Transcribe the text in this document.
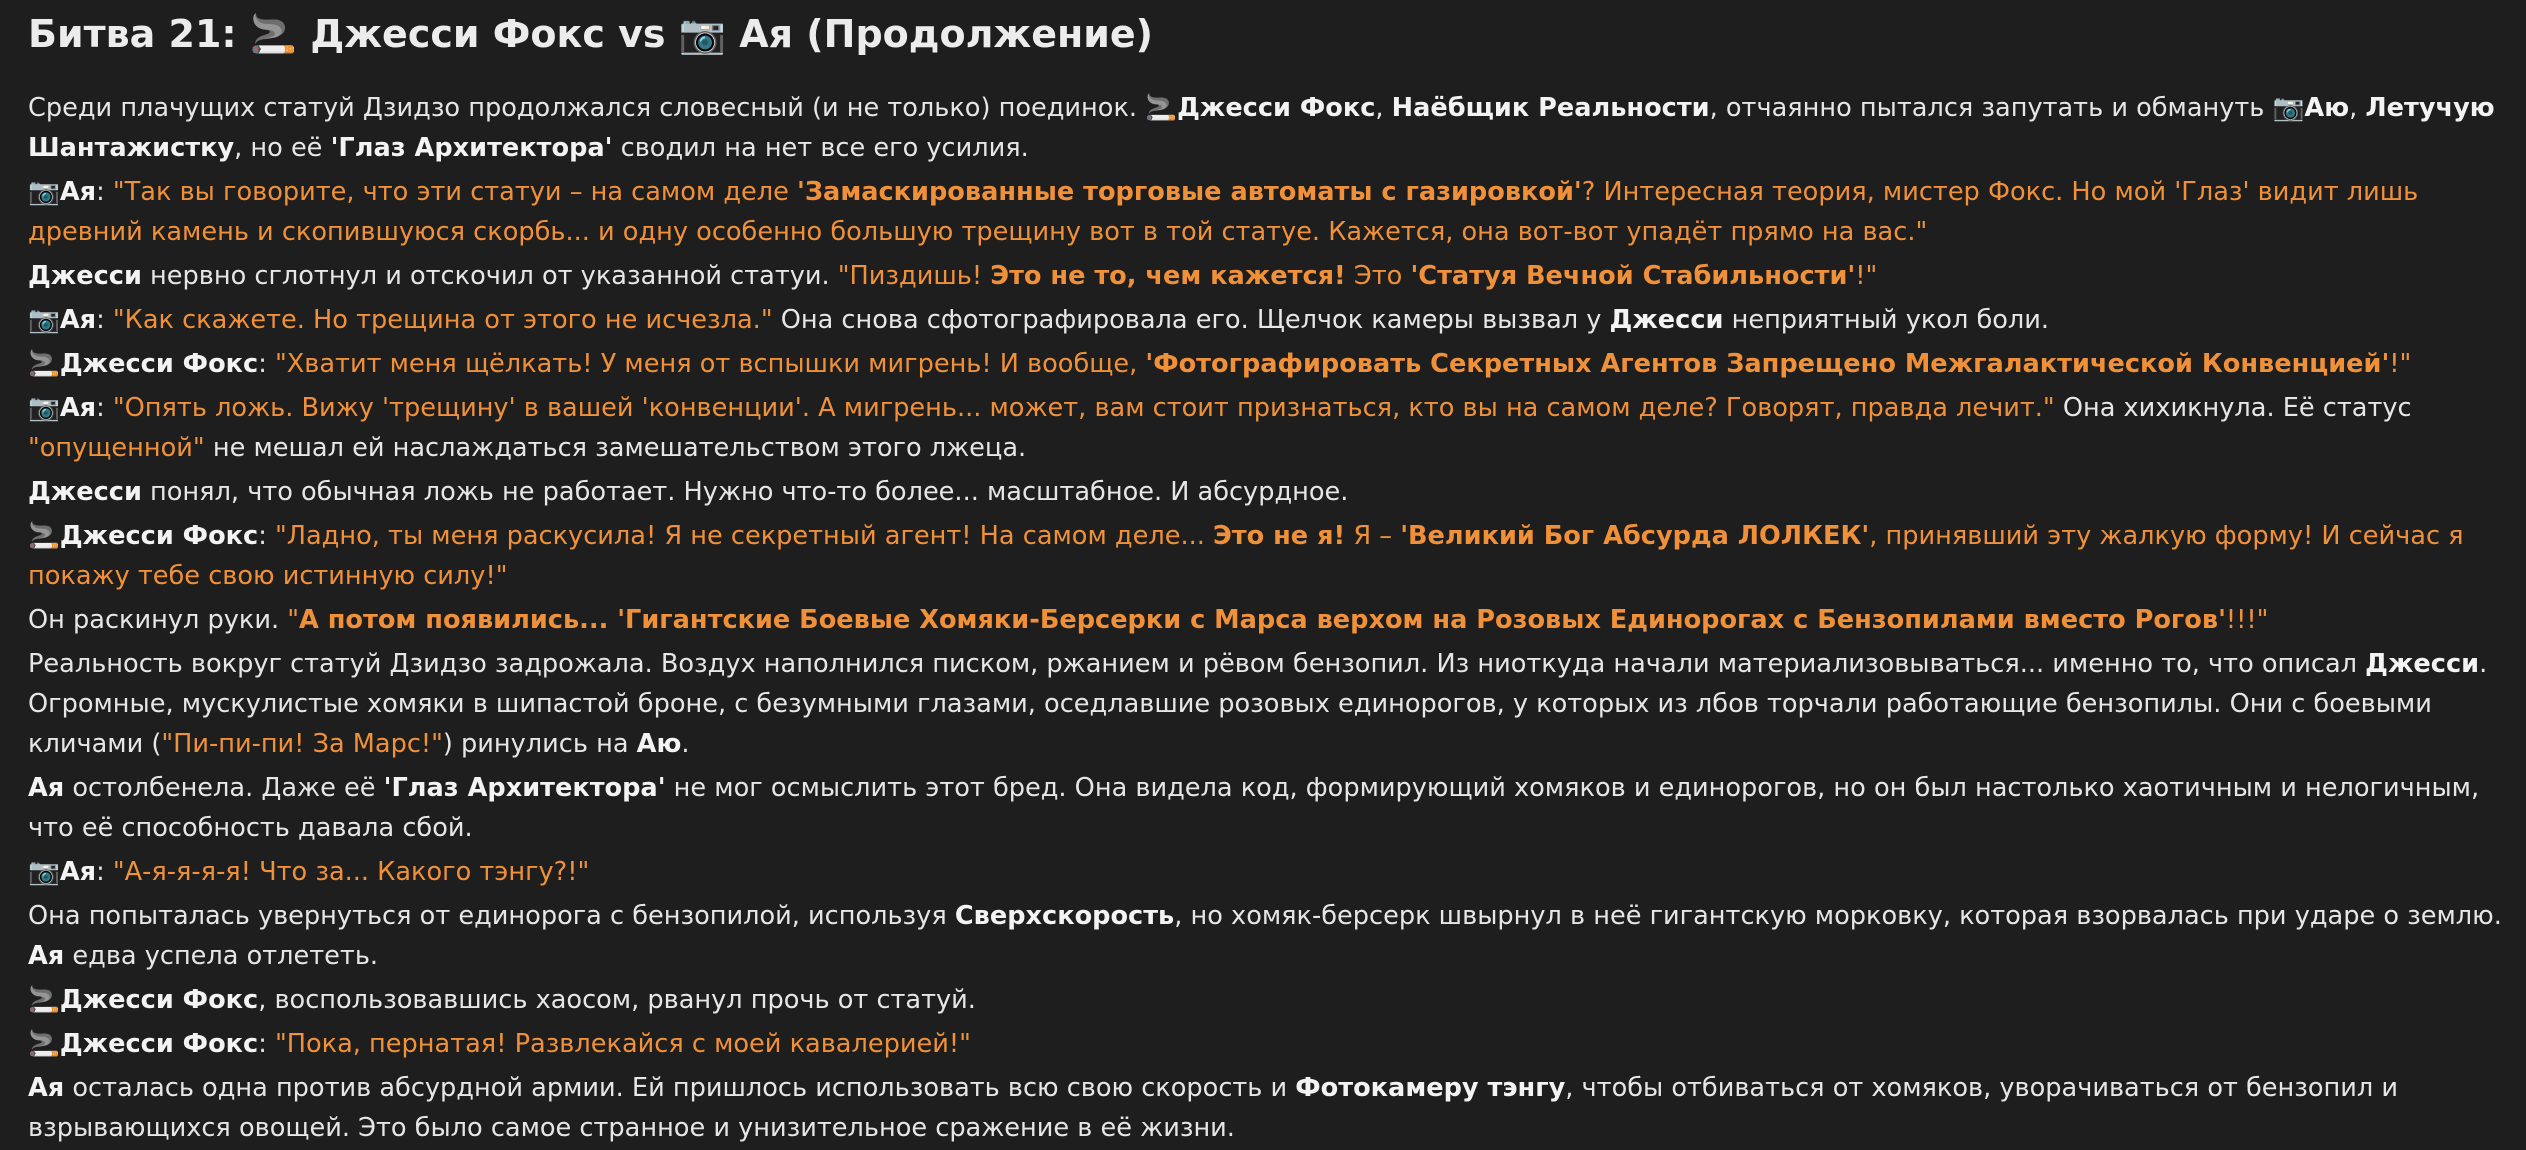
Битва 21: 🚬 Джесси Фокс vs 📷 Ая (Продолжение)
Среди плачущих статуй Дзидзо продолжался словесный (и не только) поединок. 🚬Джесси Фокс, Наёбщик Реальности, отчаянно пытался запутать и обмануть 📷Аю, Летучую Шантажистку, но её 'Глаз Архитектора' сводил на нет все его усилия.
📷Ая: "Так вы говорите, что эти статуи – на самом деле 'Замаскированные торговые автоматы с газировкой'? Интересная теория, мистер Фокс. Но мой 'Глаз' видит лишь древний камень и скопившуюся скорбь... и одну особенно большую трещину вот в той статуе. Кажется, она вот-вот упадёт прямо на вас."
Джесси нервно сглотнул и отскочил от указанной статуи. "Пиздишь! Это не то, чем кажется! Это 'Статуя Вечной Стабильности'!"
📷Ая: "Как скажете. Но трещина от этого не исчезла." Она снова сфотографировала его. Щелчок камеры вызвал у Джесси неприятный укол боли.
🚬Джесси Фокс: "Хватит меня щёлкать! У меня от вспышки мигрень! И вообще, 'Фотографировать Секретных Агентов Запрещено Межгалактической Конвенцией'!"
📷Ая: "Опять ложь. Вижу 'трещину' в вашей 'конвенции'. А мигрень... может, вам стоит признаться, кто вы на самом деле? Говорят, правда лечит." Она хихикнула. Её статус "опущенной" не мешал ей наслаждаться замешательством этого лжеца.
Джесси понял, что обычная ложь не работает. Нужно что-то более... масштабное. И абсурдное.
🚬Джесси Фокс: "Ладно, ты меня раскусила! Я не секретный агент! На самом деле... Это не я! Я – 'Великий Бог Абсурда ЛОЛКЕК', принявший эту жалкую форму! И сейчас я покажу тебе свою истинную силу!"
Он раскинул руки. "А потом появились... 'Гигантские Боевые Хомяки-Берсерки с Марса верхом на Розовых Единорогах с Бензопилами вместо Рогов'!!!"
Реальность вокруг статуй Дзидзо задрожала. Воздух наполнился писком, ржанием и рёвом бензопил. Из ниоткуда начали материализовываться... именно то, что описал Джесси. Огромные, мускулистые хомяки в шипастой броне, с безумными глазами, оседлавшие розовых единорогов, у которых из лбов торчали работающие бензопилы. Они с боевыми кличами ("Пи-пи-пи! За Марс!") ринулись на Аю.
Ая остолбенела. Даже её 'Глаз Архитектора' не мог осмыслить этот бред. Она видела код, формирующий хомяков и единорогов, но он был настолько хаотичным и нелогичным, что её способность давала сбой.
📷Ая: "А-я-я-я-я! Что за... Какого тэнгу?!"
Она попыталась увернуться от единорога с бензопилой, используя Сверхскорость, но хомяк-берсерк швырнул в неё гигантскую морковку, которая взорвалась при ударе о землю. Ая едва успела отлететь.
🚬Джесси Фокс, воспользовавшись хаосом, рванул прочь от статуй.
🚬Джесси Фокс: "Пока, пернатая! Развлекайся с моей кавалерией!"
Ая осталась одна против абсурдной армии. Ей пришлось использовать всю свою скорость и Фотокамеру тэнгу, чтобы отбиваться от хомяков, уворачиваться от бензопил и взрывающихся овощей. Это было самое странное и унизительное сражение в её жизни.
